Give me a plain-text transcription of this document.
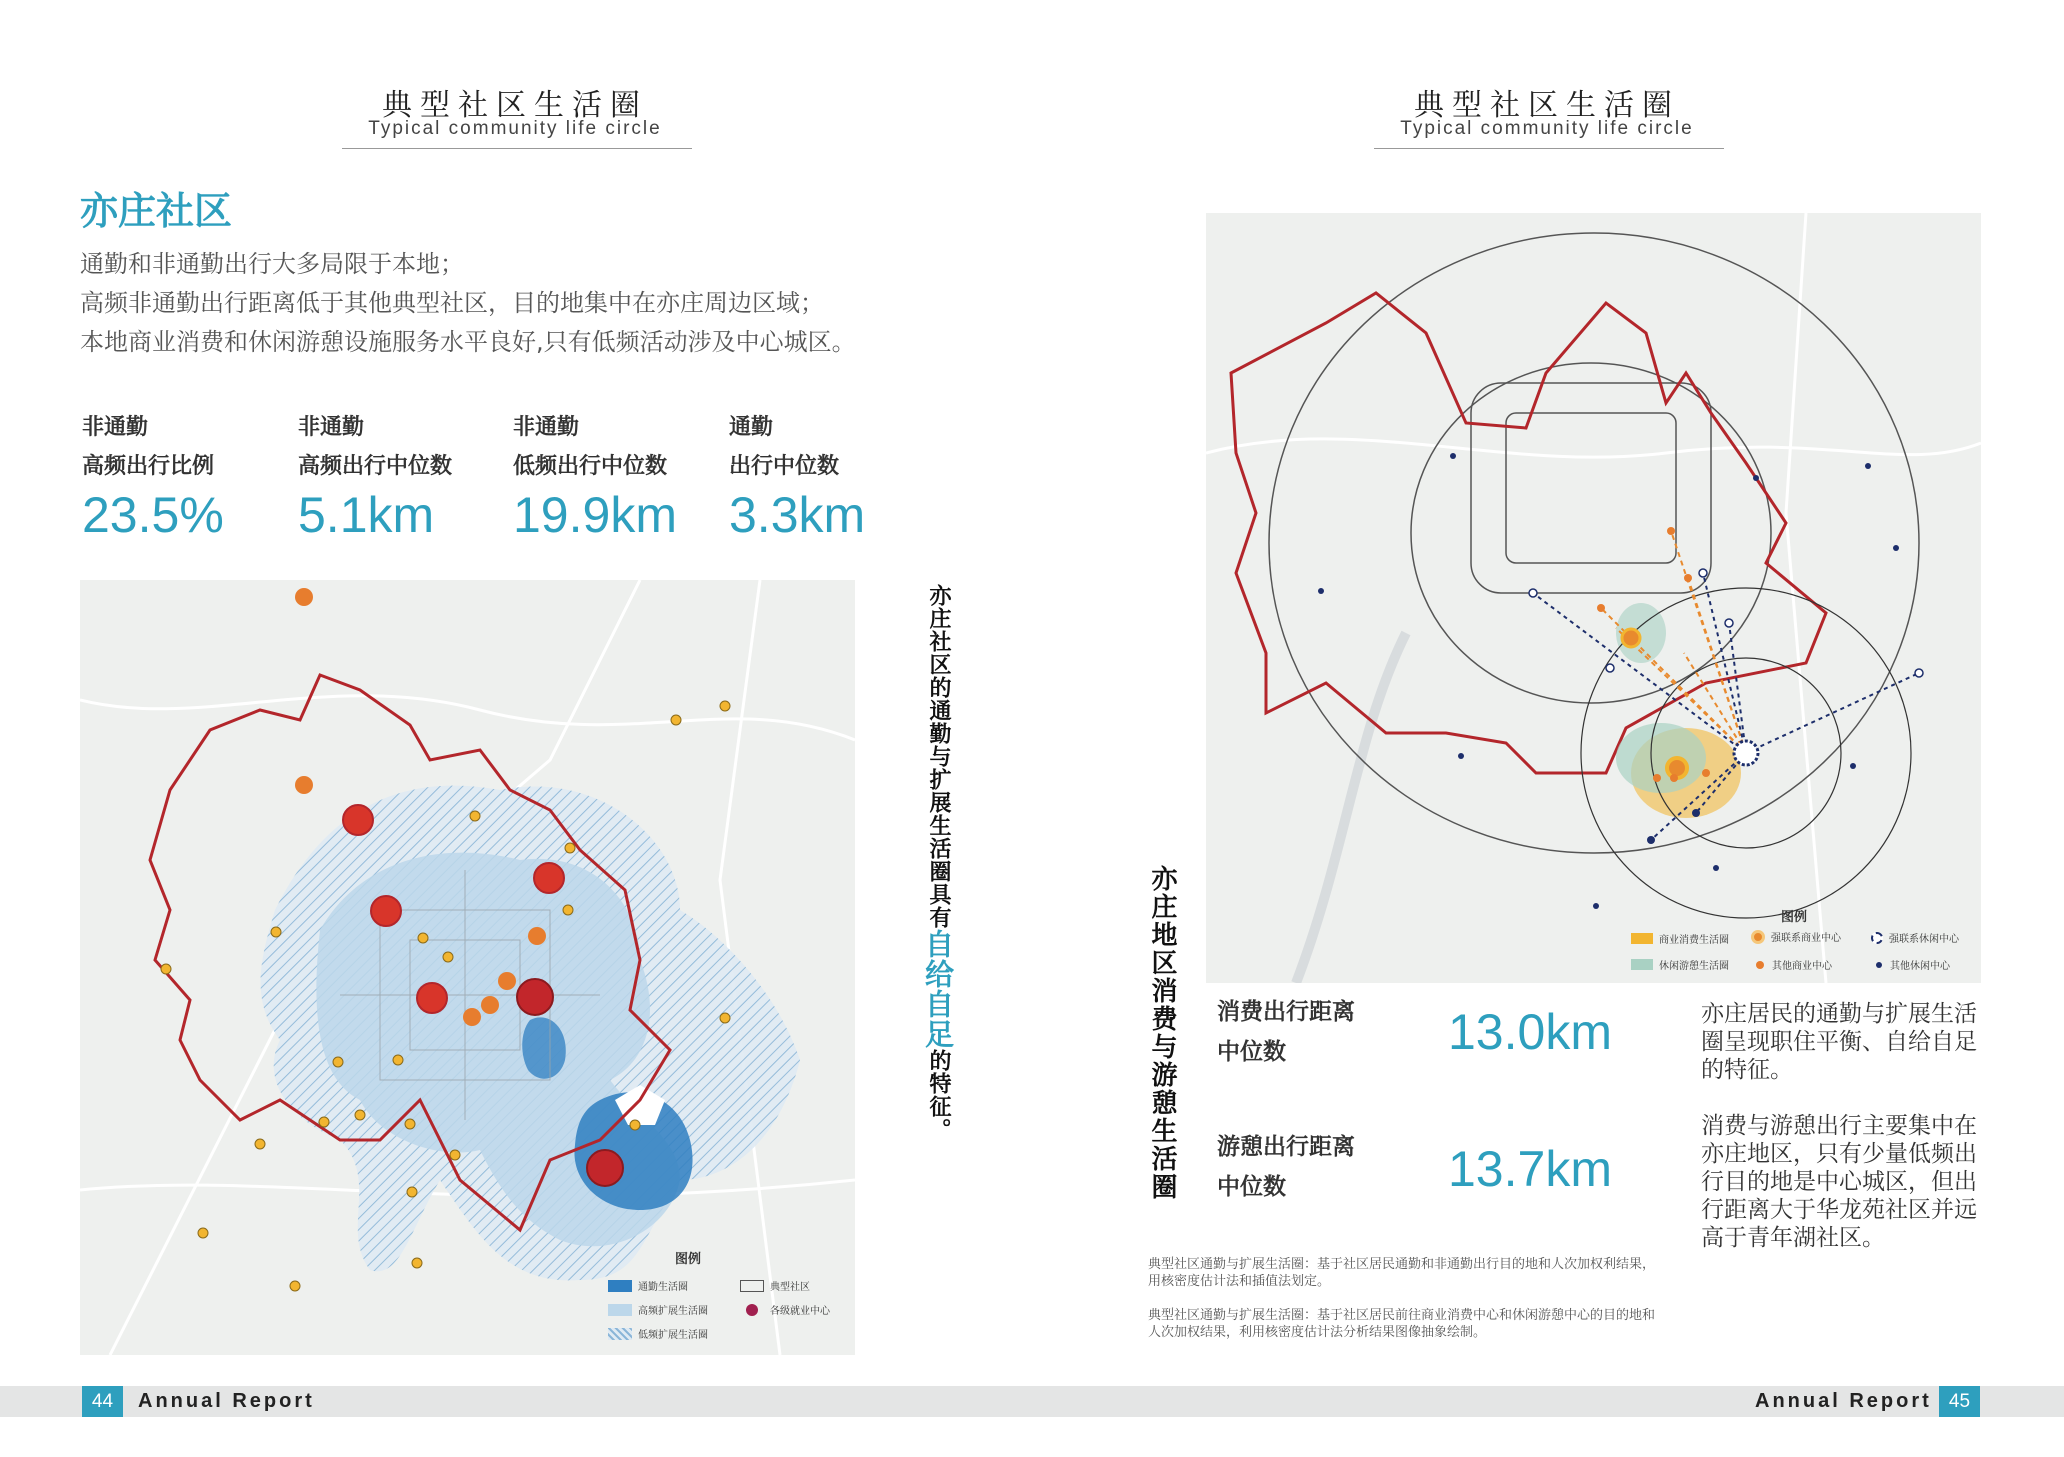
典型社区生活圈
Typical community life circle
亦庄社区

通勤和非通勤出行大多局限于本地；

高频非通勤出行距离低于其他典型社区，目的地集中在亦庄周边区域；

本地商业消费和休闲游憩设施服务水平良好,只有低频活动涉及中心城区。

非通勤
高频出行比例
23.5%
非通勤
高频出行中位数
5.1km
非通勤
低频出行中位数
19.9km
通勤
出行中位数
3.3km
图例
通勤生活圈	典型社区
高频扩展生活圈	各级就业中心
低频扩展生活圈
亦庄社区的通勤与扩展生活圈具有自给自足的特征。
44	Annual Report
典型社区生活圈
Typical community life circle
图例
商业消费生活圈	强联系商业中心	强联系休闲中心
休闲游憩生活圈	其他商业中心	其他休闲中心
亦庄地区消费与游憩生活圈 消费出行距离
中位数	13.0km
游憩出行距离
中位数	13.7km
亦庄居民的通勤与扩展生活圈呈现职住平衡、自给自足的特征。
消费与游憩出行主要集中在亦庄地区，只有少量低频出行目的地是中心城区，但出行距离大于华龙苑社区并远高于青年湖社区。
典型社区通勤与扩展生活圈：基于社区居民通勤和非通勤出行目的地和人次加权利结果，用核密度估计法和插值法划定。
典型社区通勤与扩展生活圈：基于社区居民前往商业消费中心和休闲游憩中心的目的地和人次加权结果，利用核密度估计法分析结果图像抽象绘制。
Annual Report 45
